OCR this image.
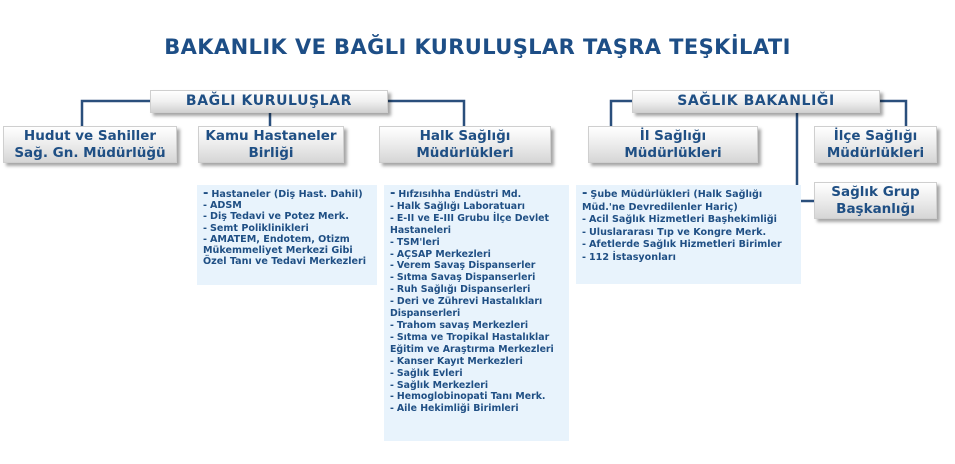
BAKANLIK VE BAĞLI KURULUŞLAR TAŞRA TEŞKİLATI
BAĞLI KURULUŞLAR	SAĞLIK BAKANLIĞI
Hudut ve Sahiller
Sağ. Gn. Müdürlüğü
Kamu Hastaneler
Birliği
Halk Sağlığı
Müdürlükleri
İl Sağlığı
Müdürlükleri
İlçe Sağlığı
Müdürlükleri
Sağlık Grup
Başkanlığı
- Hastaneler (Diş Hast. Dahil)
- ADSM
- Diş Tedavi ve Potez Merk.
- Semt Poliklinikleri
- AMATEM, Endotem, Otizm Mükemmeliyet Merkezi Gibi Özel Tanı ve Tedavi Merkezleri
- Hıfzısıhha Endüstri Md.
- Halk Sağlığı Laboratuarı
- E-II ve E-III Grubu İlçe Devlet Hastaneleri
- TSM'leri
- AÇSAP Merkezleri
- Verem Savaş Dispanserler
- Sıtma Savaş Dispanserleri
- Ruh Sağlığı Dispanserleri
- Deri ve Zührevi Hastalıkları Dispanserleri
- Trahom savaş Merkezleri
- Sıtma ve Tropikal Hastalıklar Eğitim ve Araştırma Merkezleri
- Kanser Kayıt Merkezleri
- Sağlık Evleri
- Sağlık Merkezleri
- Hemoglobinopati Tanı Merk.
- Aile Hekimliği Birimleri
- Şube Müdürlükleri (Halk Sağlığı Müd.'ne Devredilenler Hariç)
- Acil Sağlık Hizmetleri Başhekimliği
- Uluslararası Tıp ve Kongre Merk.
- Afetlerde Sağlık Hizmetleri Birimler
- 112 İstasyonları
